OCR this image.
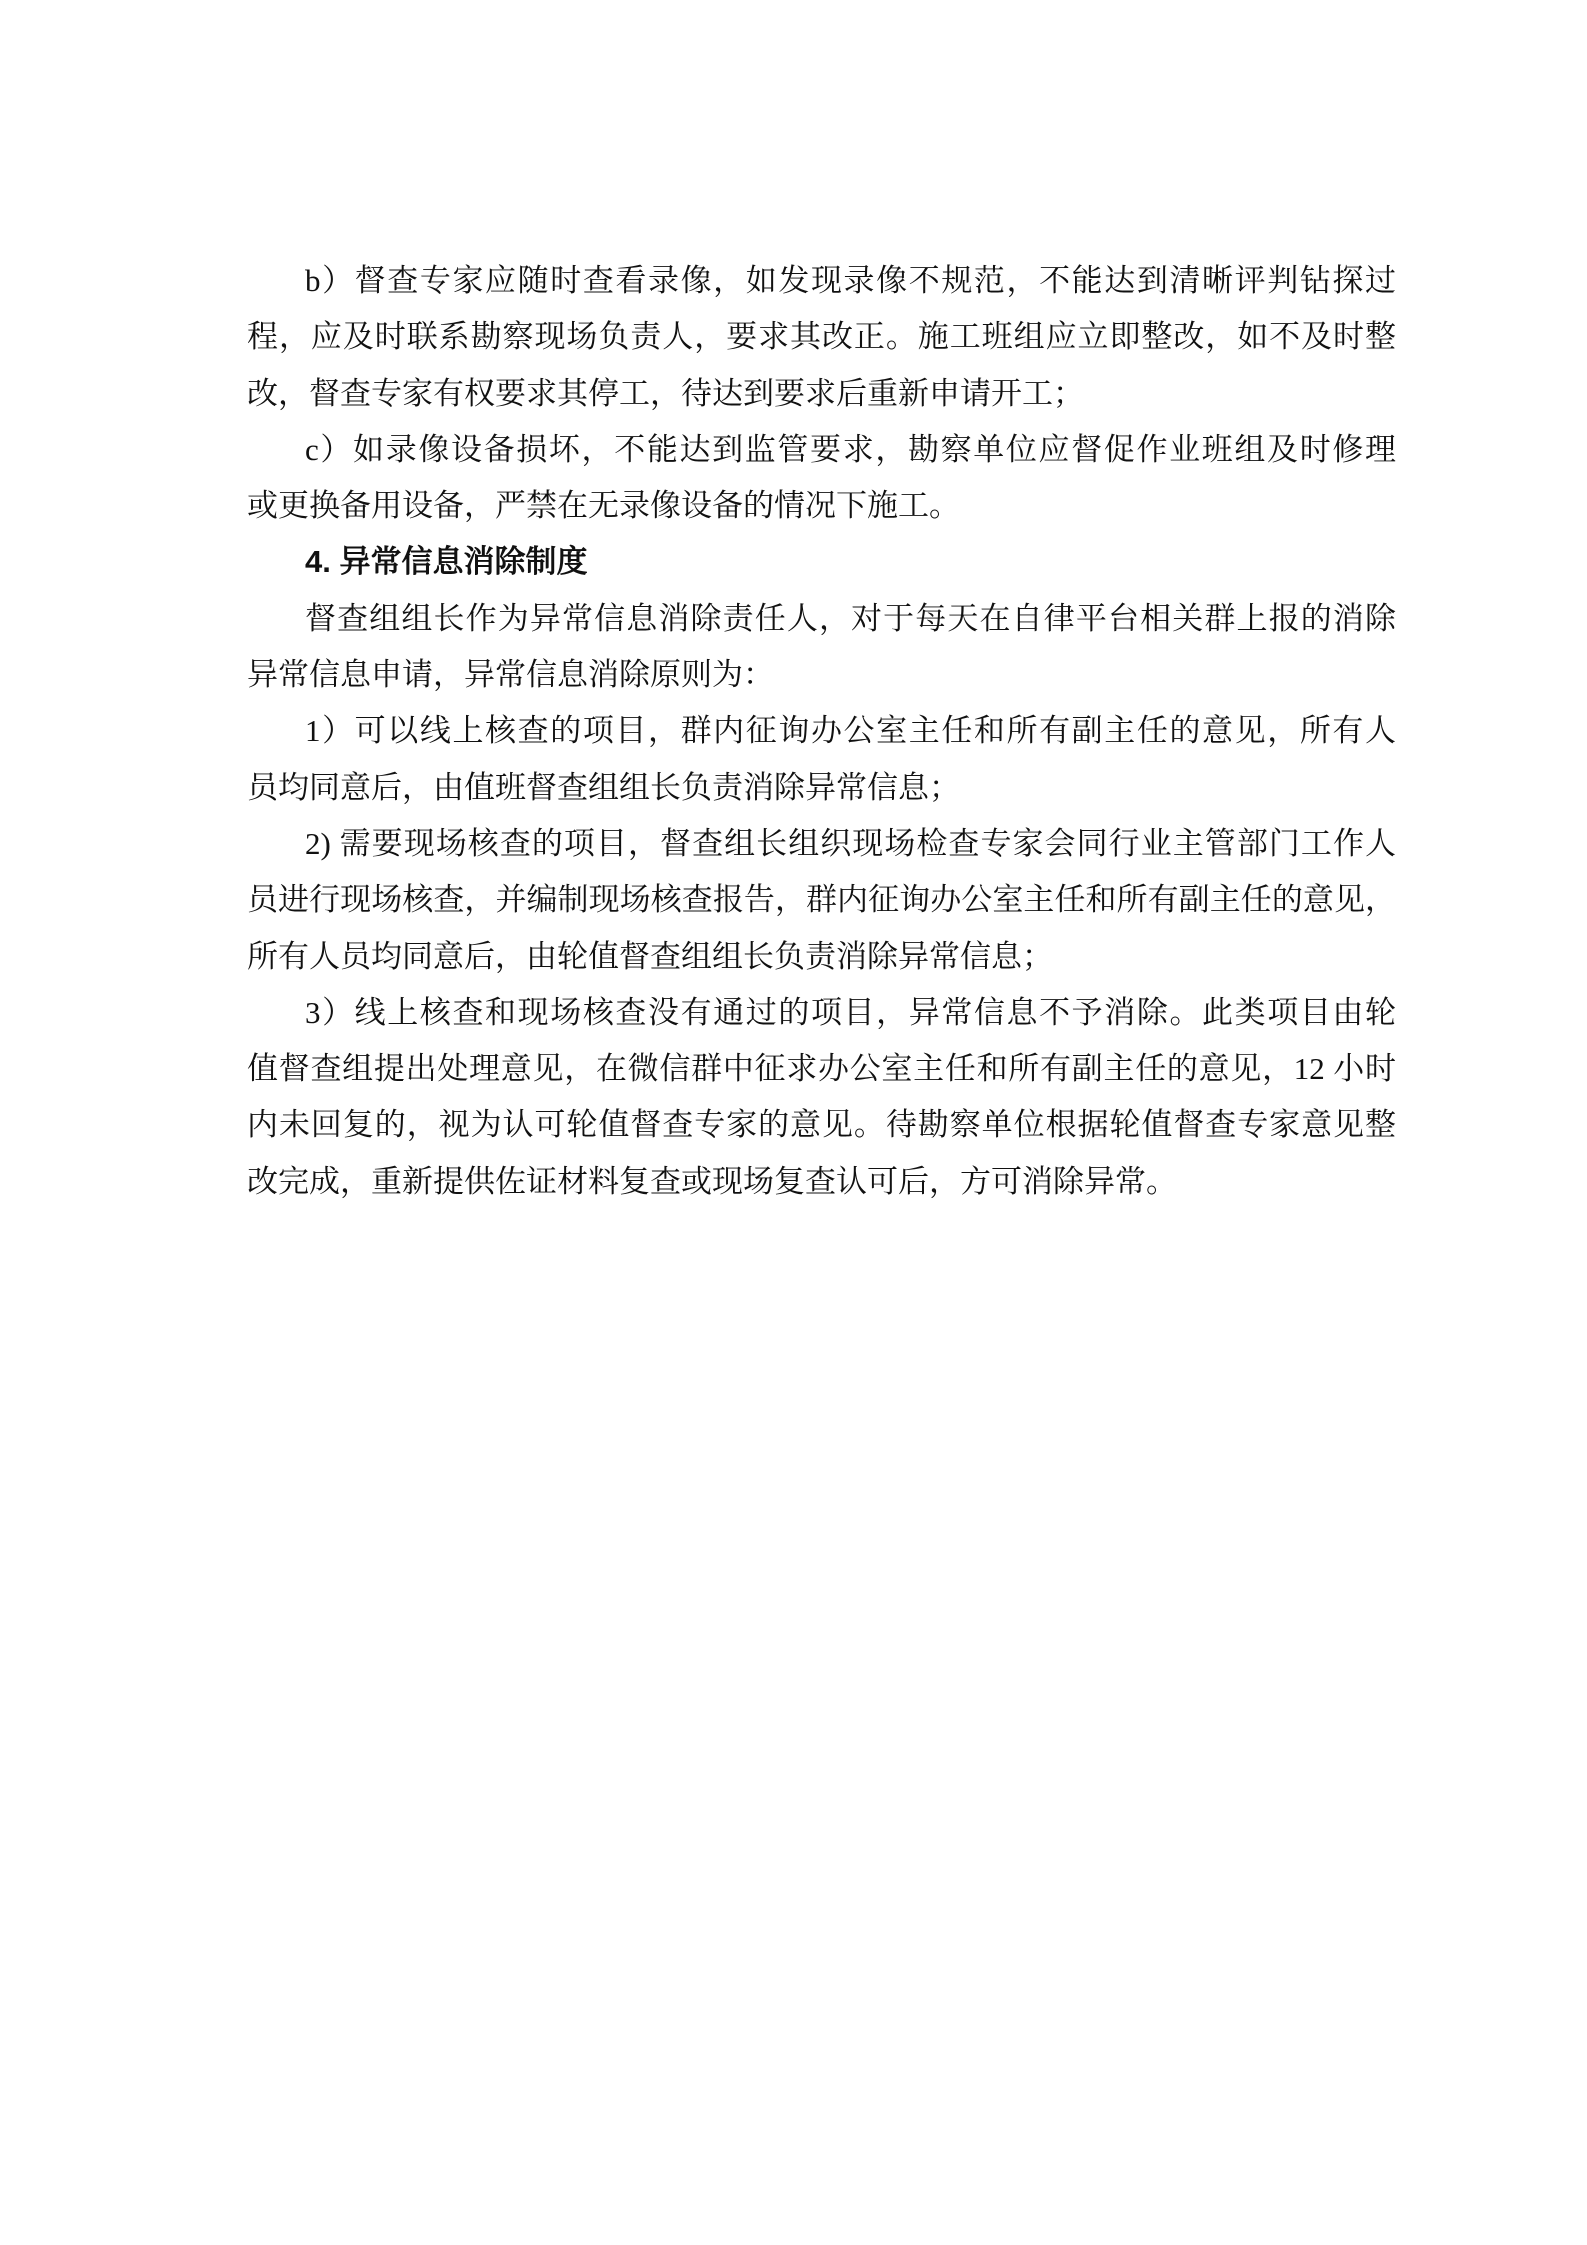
b）督查专家应随时查看录像，如发现录像不规范，不能达到清晰评判钻探过
程，应及时联系勘察现场负责人，要求其改正。施工班组应立即整改，如不及时整
改，督查专家有权要求其停工，待达到要求后重新申请开工；
c）如录像设备损坏，不能达到监管要求，勘察单位应督促作业班组及时修理
或更换备用设备，严禁在无录像设备的情况下施工。
4. 异常信息消除制度
督查组组长作为异常信息消除责任人，对于每天在自律平台相关群上报的消除
异常信息申请，异常信息消除原则为：
1）可以线上核查的项目，群内征询办公室主任和所有副主任的意见，所有人
员均同意后，由值班督查组组长负责消除异常信息；
2) 需要现场核查的项目，督查组长组织现场检查专家会同行业主管部门工作人
员进行现场核查，并编制现场核查报告，群内征询办公室主任和所有副主任的意见，
所有人员均同意后，由轮值督查组组长负责消除异常信息；
3）线上核查和现场核查没有通过的项目，异常信息不予消除。此类项目由轮
值督查组提出处理意见，在微信群中征求办公室主任和所有副主任的意见，12 小时
内未回复的，视为认可轮值督查专家的意见。待勘察单位根据轮值督查专家意见整
改完成，重新提供佐证材料复查或现场复查认可后，方可消除异常。
